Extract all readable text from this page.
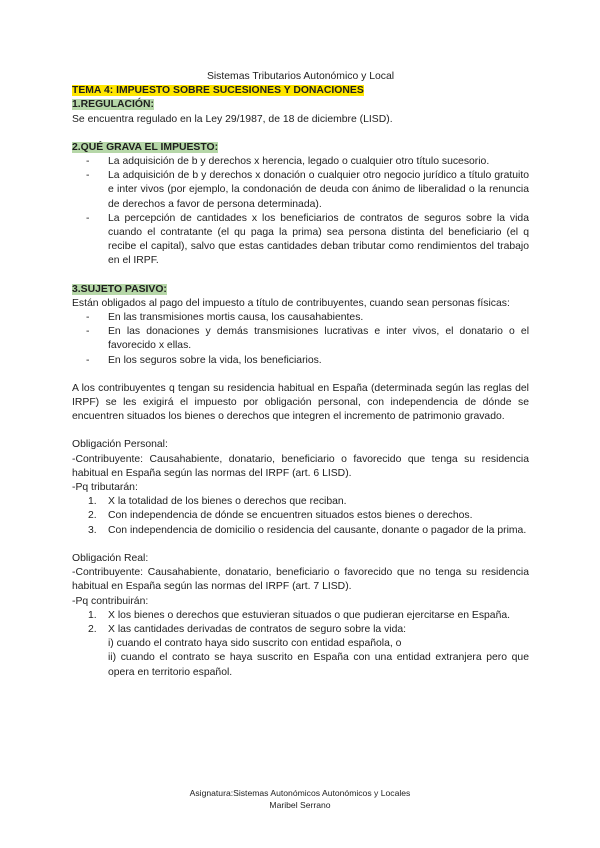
Sistemas Tributarios Autonómico y Local

TEMA 4: IMPUESTO SOBRE SUCESIONES Y DONACIONES
1.REGULACIÓN:

Se encuentra regulado en la Ley 29/1987, de 18 de diciembre (LISD).

2.QUÉ GRAVA EL IMPUESTO:
- La adquisición de b y derechos x herencia, legado o cualquier otro título sucesorio.
- La adquisición de b y derechos x donación o cualquier otro negocio jurídico a título gratuito e inter vivos (por ejemplo, la condonación de deuda con ánimo de liberalidad o la renuncia de derechos a favor de persona determinada).
- La percepción de cantidades x los beneficiarios de contratos de seguros sobre la vida cuando el contratante (el qu paga la prima) sea persona distinta del beneficiario (el q recibe el capital), salvo que estas cantidades deban tributar como rendimientos del trabajo en el IRPF.
3.SUJETO PASIVO:

Están obligados al pago del impuesto a título de contribuyentes, cuando sean personas físicas:

- En las transmisiones mortis causa, los causahabientes.
- En las donaciones y demás transmisiones lucrativas e inter vivos, el donatario o el favorecido x ellas.
- En los seguros sobre la vida, los beneficiarios.

A los contribuyentes q tengan su residencia habitual en España (determinada según las reglas del IRPF) se les exigirá el impuesto por obligación personal, con independencia de dónde se encuentren situados los bienes o derechos que integren el incremento de patrimonio gravado.

Obligación Personal:

-Contribuyente: Causahabiente, donatario, beneficiario o favorecido que tenga su residencia habitual en España según las normas del IRPF (art. 6 LISD).

-Pq tributarán:

1. X la totalidad de los bienes o derechos que reciban.
2. Con independencia de dónde se encuentren situados estos bienes o derechos.
3. Con independencia de domicilio o residencia del causante, donante o pagador de la prima.

Obligación Real:

-Contribuyente: Causahabiente, donatario, beneficiario o favorecido que no tenga su residencia habitual en España según las normas del IRPF (art. 7 LISD).

-Pq contribuirán:

1. X los bienes o derechos que estuvieran situados o que pudieran ejercitarse en España.
2. X las cantidades derivadas de contratos de seguro sobre la vida:
i) cuando el contrato haya sido suscrito con entidad española, o
ii) cuando el contrato se haya suscrito en España con una entidad extranjera pero que opera en territorio español.
Asignatura:Sistemas Autonómicos Autonómicos y Locales
Maribel Serrano
